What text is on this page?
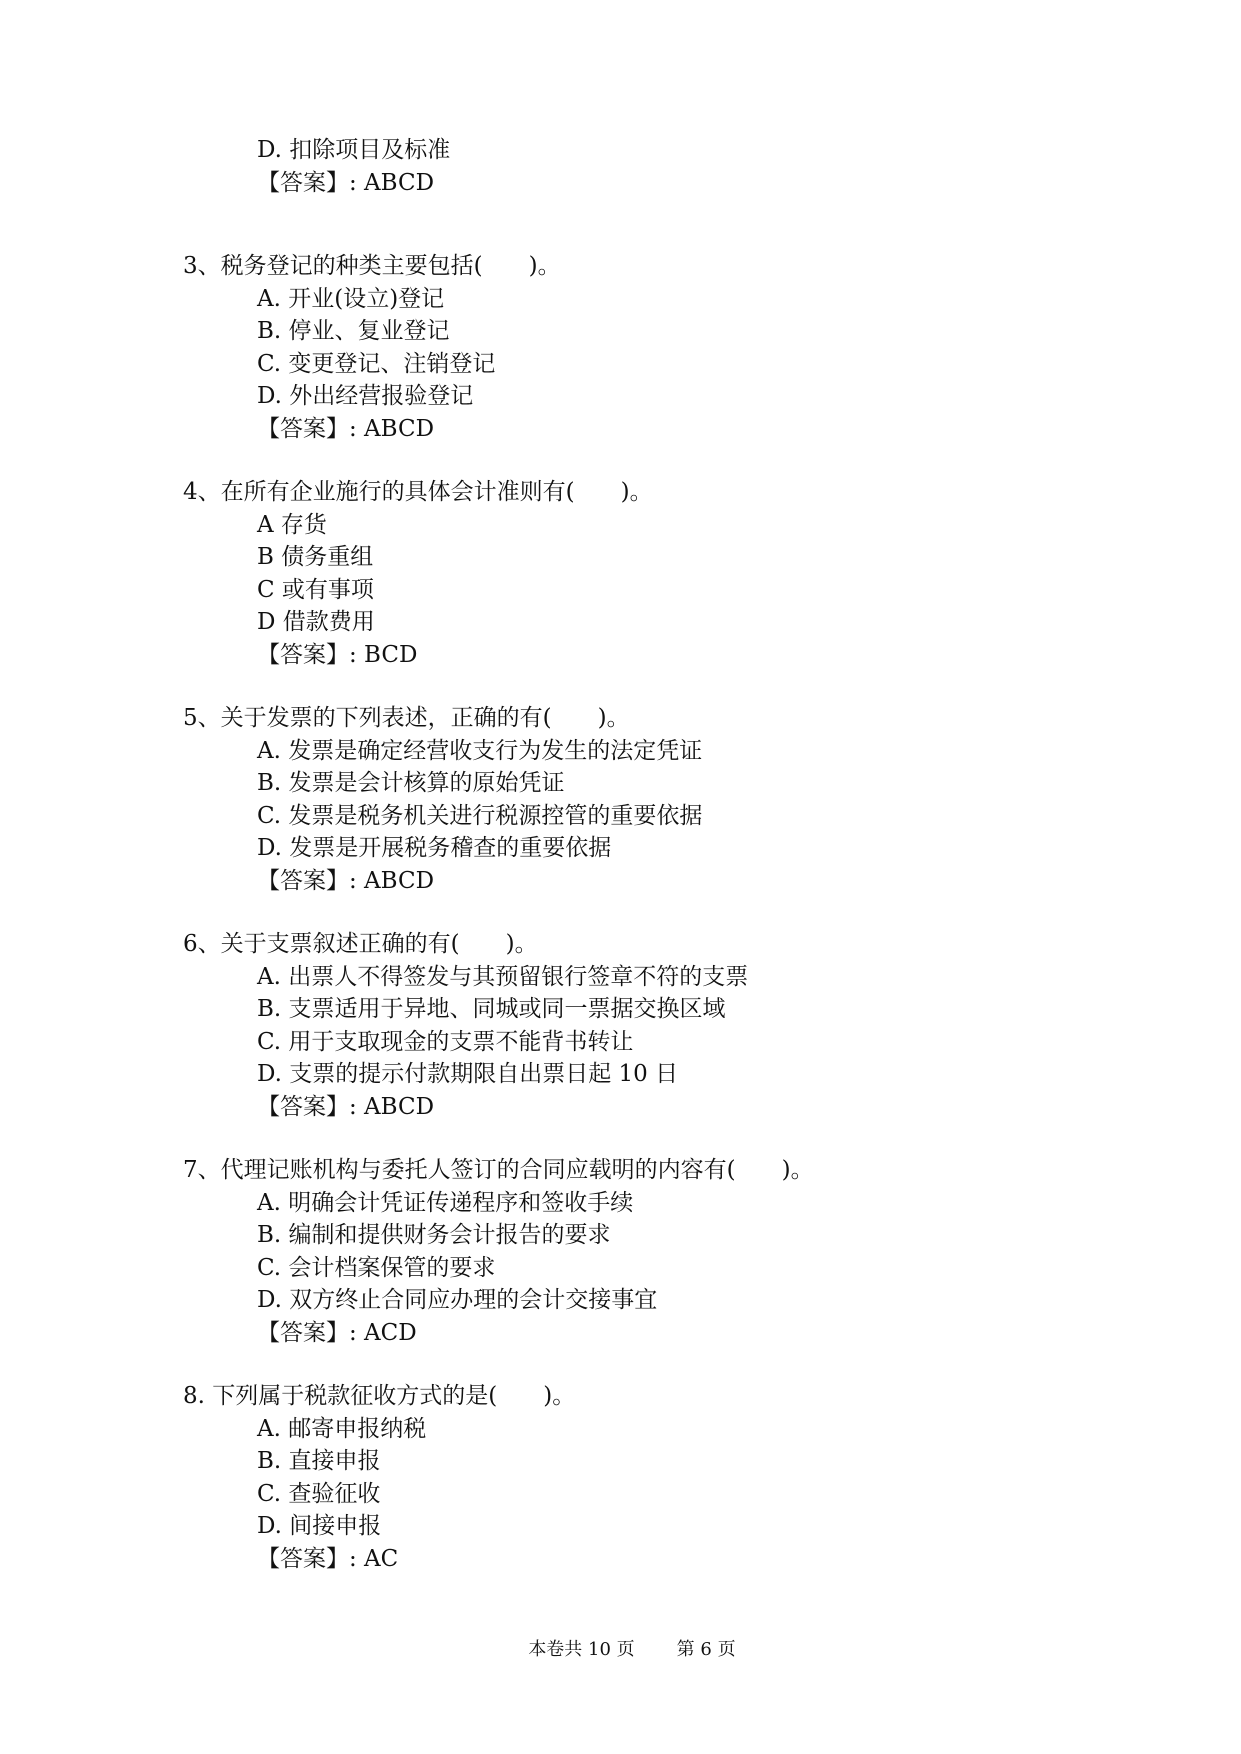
D. 扣除项目及标准
【答案】: ABCD
3、税务登记的种类主要包括(　　)。
A. 开业(设立)登记
B. 停业、复业登记
C. 变更登记、注销登记
D. 外出经营报验登记
【答案】: ABCD
4、在所有企业施行的具体会计准则有(　　)。
A 存货
B 债务重组
C 或有事项
D 借款费用
【答案】: BCD
5、关于发票的下列表述，正确的有(　　)。
A. 发票是确定经营收支行为发生的法定凭证
B. 发票是会计核算的原始凭证
C. 发票是税务机关进行税源控管的重要依据
D. 发票是开展税务稽查的重要依据
【答案】: ABCD
6、关于支票叙述正确的有(　　)。
A. 出票人不得签发与其预留银行签章不符的支票
B. 支票适用于异地、同城或同一票据交换区域
C. 用于支取现金的支票不能背书转让
D. 支票的提示付款期限自出票日起 10 日
【答案】: ABCD
7、代理记账机构与委托人签订的合同应载明的内容有(　　)。
A. 明确会计凭证传递程序和签收手续
B. 编制和提供财务会计报告的要求
C. 会计档案保管的要求
D. 双方终止合同应办理的会计交接事宜
【答案】: ACD
8. 下列属于税款征收方式的是(　　)。
A. 邮寄申报纳税
B. 直接申报
C. 查验征收
D. 间接申报
【答案】: AC

本卷共 10 页 第 6 页
